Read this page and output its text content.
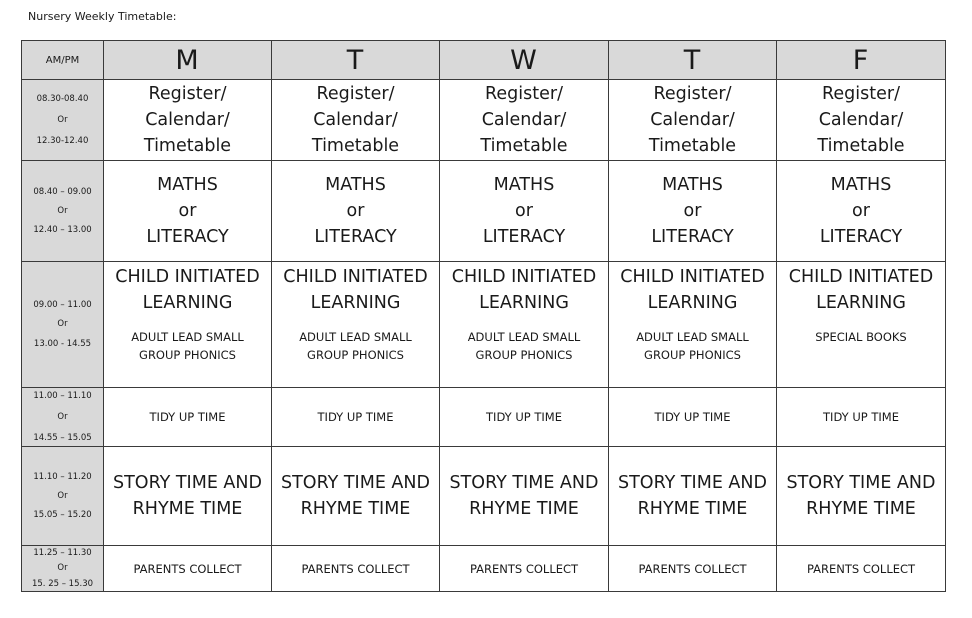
Nursery Weekly Timetable:
AM/PM	M	T	W	T	F

08.30-08.40
Or
12.30-12.40	Register/
Calendar/
Timetable	Register/
Calendar/
Timetable	Register/
Calendar/
Timetable	Register/
Calendar/
Timetable	Register/
Calendar/
Timetable

08.40 – 09.00
Or
12.40 – 13.00	MATHS
or
LITERACY	MATHS
or
LITERACY	MATHS
or
LITERACY	MATHS
or
LITERACY	MATHS
or
LITERACY

09.00 – 11.00
Or
13.00 - 14.55	CHILD INITIATED
LEARNING
ADULT LEAD SMALL
GROUP PHONICS	CHILD INITIATED
LEARNING
ADULT LEAD SMALL
GROUP PHONICS	CHILD INITIATED
LEARNING
ADULT LEAD SMALL
GROUP PHONICS	CHILD INITIATED
LEARNING
ADULT LEAD SMALL
GROUP PHONICS	CHILD INITIATED
LEARNING
SPECIAL BOOKS

11.00 – 11.10
Or
14.55 – 15.05	TIDY UP TIME	TIDY UP TIME	TIDY UP TIME	TIDY UP TIME	TIDY UP TIME

11.10 – 11.20
Or
15.05 – 15.20	STORY TIME AND
RHYME TIME	STORY TIME AND
RHYME TIME	STORY TIME AND
RHYME TIME	STORY TIME AND
RHYME TIME	STORY TIME AND
RHYME TIME

11.25 – 11.30
Or
15. 25 – 15.30	PARENTS COLLECT	PARENTS COLLECT	PARENTS COLLECT	PARENTS COLLECT	PARENTS COLLECT
